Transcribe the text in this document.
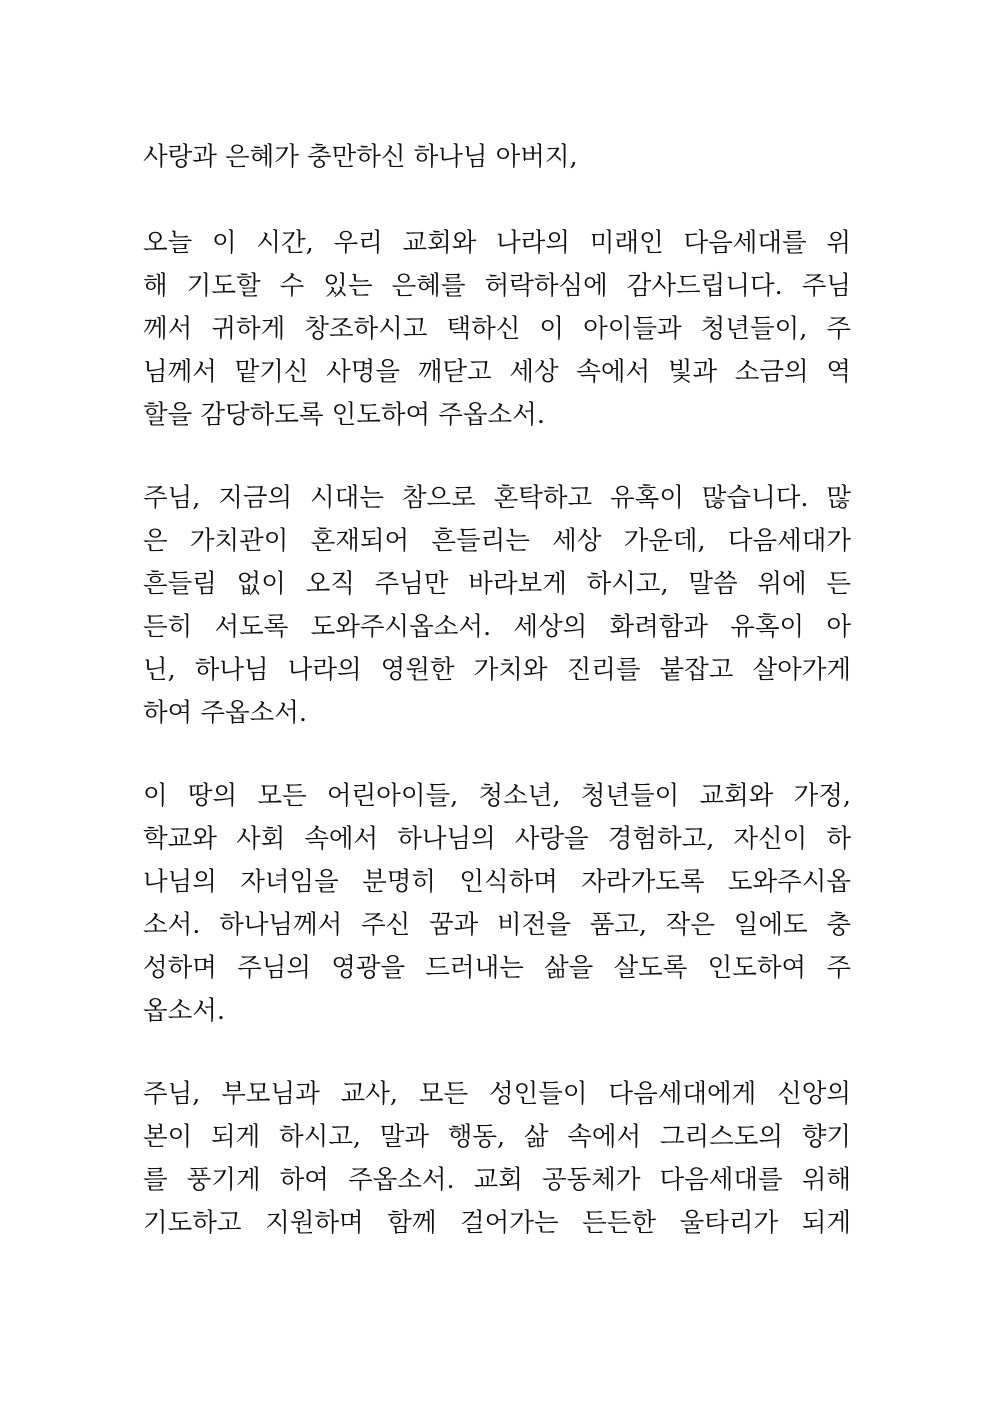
사랑과 은혜가 충만하신 하나님 아버지,
오늘 이 시간, 우리 교회와 나라의 미래인 다음세대를 위
해 기도할 수 있는 은혜를 허락하심에 감사드립니다. 주님
께서 귀하게 창조하시고 택하신 이 아이들과 청년들이, 주
님께서 맡기신 사명을 깨닫고 세상 속에서 빛과 소금의 역
할을 감당하도록 인도하여 주옵소서.
주님, 지금의 시대는 참으로 혼탁하고 유혹이 많습니다. 많
은 가치관이 혼재되어 흔들리는 세상 가운데, 다음세대가
흔들림 없이 오직 주님만 바라보게 하시고, 말씀 위에 든
든히 서도록 도와주시옵소서. 세상의 화려함과 유혹이 아
닌, 하나님 나라의 영원한 가치와 진리를 붙잡고 살아가게
하여 주옵소서.
이 땅의 모든 어린아이들, 청소년, 청년들이 교회와 가정,
학교와 사회 속에서 하나님의 사랑을 경험하고, 자신이 하
나님의 자녀임을 분명히 인식하며 자라가도록 도와주시옵
소서. 하나님께서 주신 꿈과 비전을 품고, 작은 일에도 충
성하며 주님의 영광을 드러내는 삶을 살도록 인도하여 주
옵소서.
주님, 부모님과 교사, 모든 성인들이 다음세대에게 신앙의
본이 되게 하시고, 말과 행동, 삶 속에서 그리스도의 향기
를 풍기게 하여 주옵소서. 교회 공동체가 다음세대를 위해
기도하고 지원하며 함께 걸어가는 든든한 울타리가 되게
